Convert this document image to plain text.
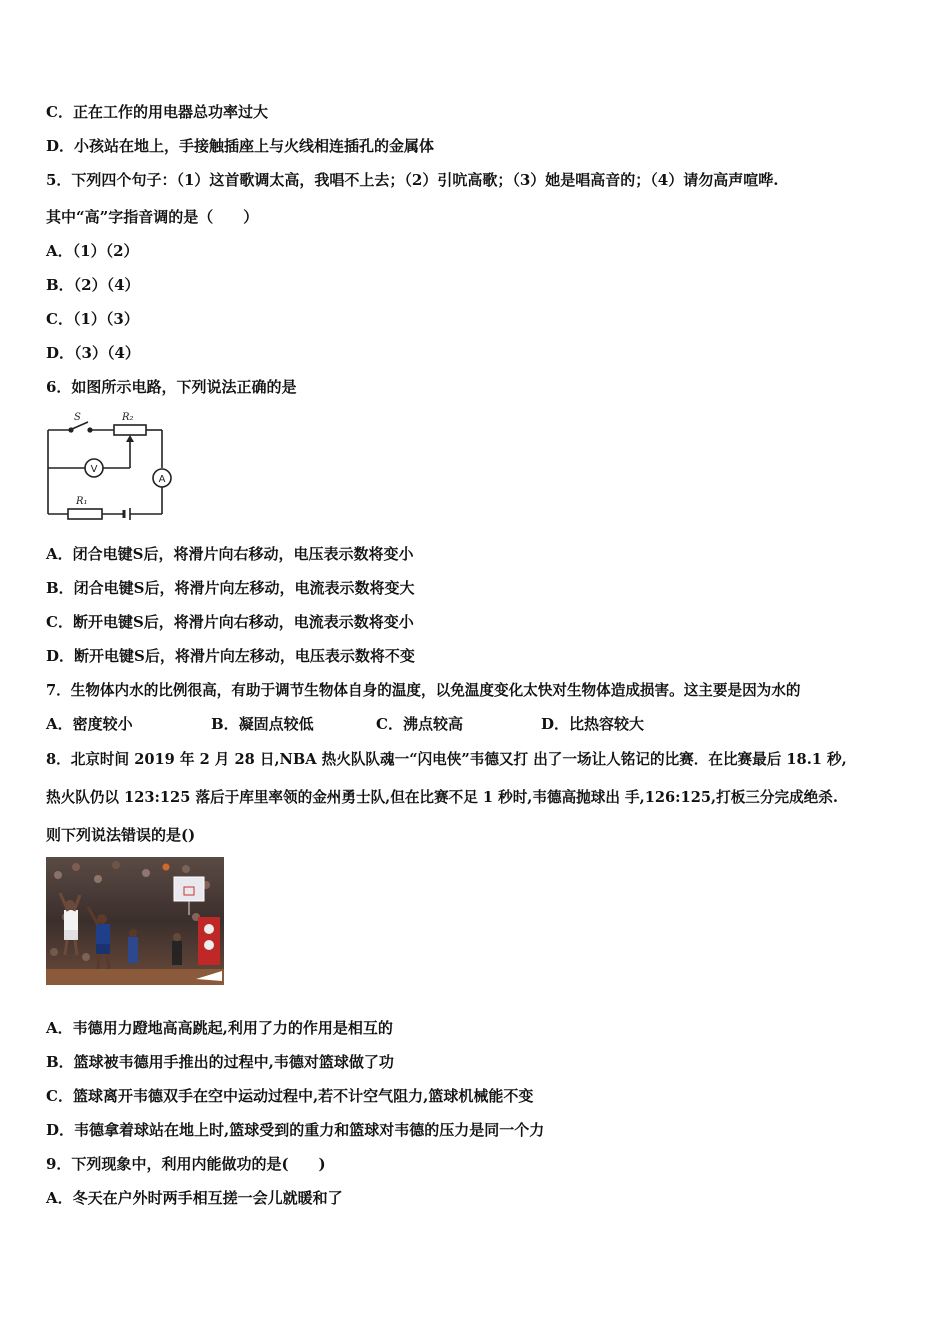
C．正在工作的用电器总功率过大
D．小孩站在地上，手接触插座上与火线相连插孔的金属体
5．下列四个句子：（1）这首歌调太高，我唱不上去；（2）引吭高歌；（3）她是唱高音的；（4）请勿高声喧哗.
其中“高”字指音调的是（　　）
A．（1）（2）
B．（2）（4）
C．（1）（3）
D．（3）（4）
6．如图所示电路，下列说法正确的是
S	R₂
R₁
V
A
A．闭合电键S后，将滑片向右移动，电压表示数将变小
B．闭合电键S后，将滑片向左移动，电流表示数将变大
C．断开电键S后，将滑片向右移动，电流表示数将变小
D．断开电键S后，将滑片向左移动，电压表示数将不变
7．生物体内水的比例很高，有助于调节生物体自身的温度，以免温度变化太快对生物体造成损害。这主要是因为水的
A．密度较小	B．凝固点较低	C．沸点较高	D．比热容较大
8．北京时间 2019 年 2 月 28 日,NBA 热火队队魂一“闪电侠”韦德又打 出了一场让人铭记的比赛．在比赛最后 18.1 秒,
热火队仍以 123:125 落后于库里率领的金州勇士队,但在比赛不足 1 秒时,韦德高抛球出 手,126:125,打板三分完成绝杀.
则下列说法错误的是()
A．韦德用力蹬地高高跳起,利用了力的作用是相互的
B．篮球被韦德用手推出的过程中,韦德对篮球做了功
C．篮球离开韦德双手在空中运动过程中,若不计空气阻力,篮球机械能不变
D．韦德拿着球站在地上时,篮球受到的重力和篮球对韦德的压力是同一个力
9．下列现象中，利用内能做功的是(　　)
A．冬天在户外时两手相互搓一会儿就暖和了
